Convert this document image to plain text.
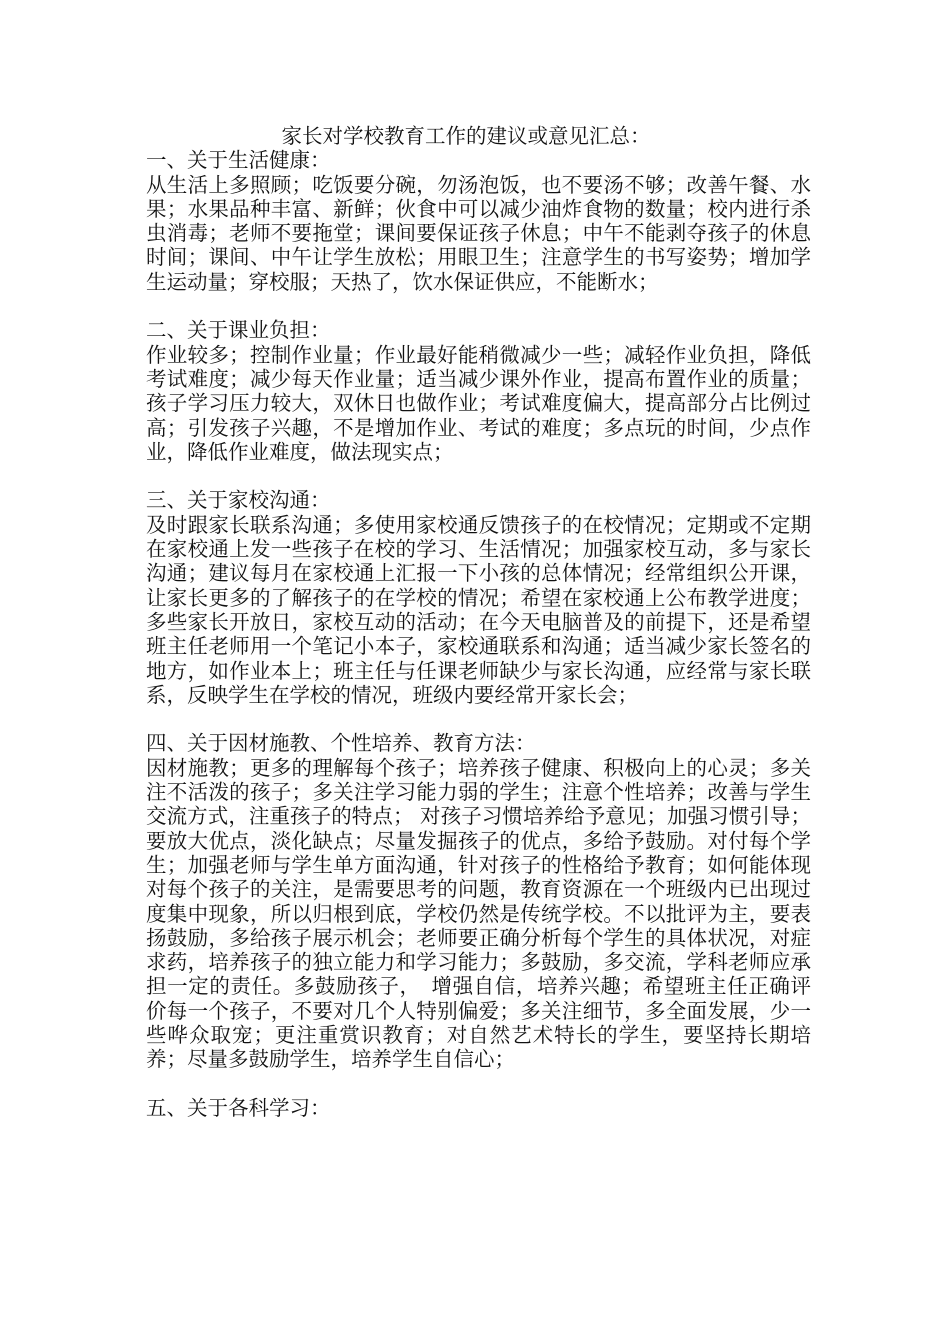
家长对学校教育工作的建议或意见汇总：
一、关于生活健康：
从生活上多照顾；吃饭要分碗，勿汤泡饭，也不要汤不够；改善午餐、水果；水果品种丰富、新鲜；伙食中可以减少油炸食物的数量；校内进行杀虫消毒；老师不要拖堂；课间要保证孩子休息；中午不能剥夺孩子的休息时间；课间、中午让学生放松；用眼卫生；注意学生的书写姿势；增加学生运动量；穿校服；天热了，饮水保证供应，不能断水；
二、关于课业负担：
作业较多；控制作业量；作业最好能稍微减少一些；减轻作业负担，降低考试难度；减少每天作业量；适当减少课外作业，提高布置作业的质量；孩子学习压力较大，双休日也做作业；考试难度偏大，提高部分占比例过高；引发孩子兴趣，不是增加作业、考试的难度；多点玩的时间，少点作业，降低作业难度，做法现实点；
三、关于家校沟通：
及时跟家长联系沟通；多使用家校通反馈孩子的在校情况；定期或不定期在家校通上发一些孩子在校的学习、生活情况；加强家校互动，多与家长沟通；建议每月在家校通上汇报一下小孩的总体情况；经常组织公开课，让家长更多的了解孩子的在学校的情况；希望在家校通上公布教学进度；多些家长开放日，家校互动的活动；在今天电脑普及的前提下，还是希望班主任老师用一个笔记小本子，家校通联系和沟通；适当减少家长签名的地方，如作业本上；班主任与任课老师缺少与家长沟通，应经常与家长联系，反映学生在学校的情况，班级内要经常开家长会；
四、关于因材施教、个性培养、教育方法：
因材施教；更多的理解每个孩子；培养孩子健康、积极向上的心灵；多关注不活泼的孩子；多关注学习能力弱的学生；注意个性培养；改善与学生交流方式，注重孩子的特点； 对孩子习惯培养给予意见；加强习惯引导；要放大优点，淡化缺点；尽量发掘孩子的优点，多给予鼓励。对付每个学生；加强老师与学生单方面沟通，针对孩子的性格给予教育；如何能体现对每个孩子的关注，是需要思考的问题，教育资源在一个班级内已出现过度集中现象，所以归根到底，学校仍然是传统学校。不以批评为主，要表扬鼓励，多给孩子展示机会；老师要正确分析每个学生的具体状况，对症求药，培养孩子的独立能力和学习能力；多鼓励，多交流，学科老师应承担一定的责任。多鼓励孩子，　增强自信，培养兴趣；希望班主任正确评价每一个孩子，不要对几个人特别偏爱；多关注细节，多全面发展，少一些哗众取宠；更注重赏识教育；对自然艺术特长的学生，要坚持长期培养；尽量多鼓励学生，培养学生自信心；
五、关于各科学习：
